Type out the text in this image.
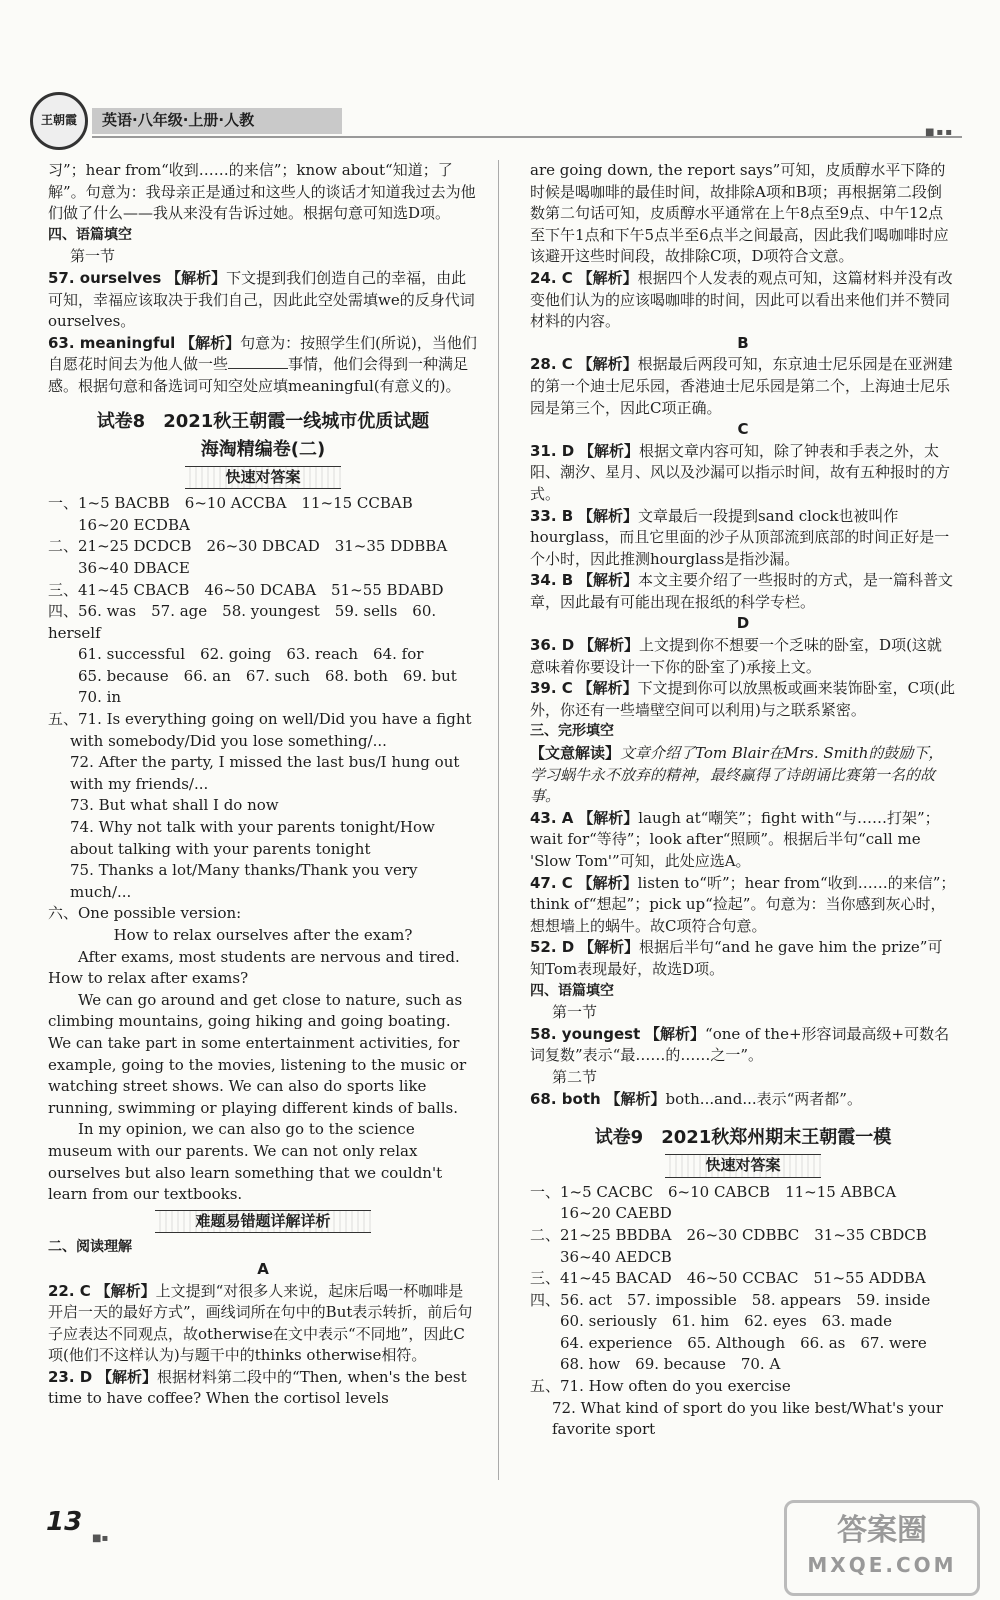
王朝霞	英语·八年级·上册·人教
■▪▪

习”；hear from“收到……的来信”；know about“知道；了解”。句意为：我母亲正是通过和这些人的谈话才知道我过去为他们做了什么——我从来没有告诉过她。根据句意可知选D项。

四、语篇填空

第一节

57. ourselves 【解析】下文提到我们创造自己的幸福，由此可知，幸福应该取决于我们自己，因此此空处需填we的反身代词ourselves。

63. meaningful 【解析】句意为：按照学生们(所说)，当他们自愿花时间去为他人做一些	事情，他们会得到一种满足感。根据句意和备选词可知空处应填meaningful(有意义的)。

试卷8　2021秋王朝霞一线城市优质试题
海淘精编卷(二)
快速对答案

一、1~5 BACBB　6~10 ACCBA　11~15 CCBAB

　　16~20 ECDBA

二、21~25 DCDCB　26~30 DBCAD　31~35 DDBBA

　　36~40 DBACE

三、41~45 CBACB　46~50 DCABA　51~55 BDABD

四、56. was　57. age　58. youngest　59. sells　60. herself

　　61. successful　62. going　63. reach　64. for

　　65. because　66. an　67. such　68. both　69. but

　　70. in

五、71. Is everything going on well/Did you have a fight with somebody/Did you lose something/...

72. After the party, I missed the last bus/I hung out with my friends/...

73. But what shall I do now

74. Why not talk with your parents tonight/How about talking with your parents tonight

75. Thanks a lot/Many thanks/Thank you very much/...

六、One possible version:

How to relax ourselves after the exam?

After exams, most students are nervous and tired. How to relax after exams?

We can go around and get close to nature, such as climbing mountains, going hiking and going boating. We can take part in some entertainment activities, for example, going to the movies, listening to the music or watching street shows. We can also do sports like running, swimming or playing different kinds of balls.

In my opinion, we can also go to the science museum with our parents. We can not only relax ourselves but also learn something that we couldn't learn from our textbooks.

难题易错题详解详析

二、阅读理解

A

22. C 【解析】上文提到“对很多人来说，起床后喝一杯咖啡是开启一天的最好方式”，画线词所在句中的But表示转折，前后句子应表达不同观点，故otherwise在文中表示“不同地”，因此C项(他们不这样认为)与题干中的thinks otherwise相符。

23. D 【解析】根据材料第二段中的“Then, when's the best time to have coffee? When the cortisol levels

are going down, the report says”可知，皮质醇水平下降的时候是喝咖啡的最佳时间，故排除A项和B项；再根据第二段倒数第二句话可知，皮质醇水平通常在上午8点至9点、中午12点至下午1点和下午5点半至6点半之间最高，因此我们喝咖啡时应该避开这些时间段，故排除C项，D项符合文意。

24. C 【解析】根据四个人发表的观点可知，这篇材料并没有改变他们认为的应该喝咖啡的时间，因此可以看出来他们并不赞同材料的内容。

B

28. C 【解析】根据最后两段可知，东京迪士尼乐园是在亚洲建的第一个迪士尼乐园，香港迪士尼乐园是第二个，上海迪士尼乐园是第三个，因此C项正确。

C

31. D 【解析】根据文章内容可知，除了钟表和手表之外，太阳、潮汐、星月、风以及沙漏可以指示时间，故有五种报时的方式。

33. B 【解析】文章最后一段提到sand clock也被叫作hourglass，而且它里面的沙子从顶部流到底部的时间正好是一个小时，因此推测hourglass是指沙漏。

34. B 【解析】本文主要介绍了一些报时的方式，是一篇科普文章，因此最有可能出现在报纸的科学专栏。

D

36. D 【解析】上文提到你不想要一个乏味的卧室，D项(这就意味着你要设计一下你的卧室了)承接上文。

39. C 【解析】下文提到你可以放黑板或画来装饰卧室，C项(此外，你还有一些墙壁空间可以利用)与之联系紧密。

三、完形填空

【文意解读】文章介绍了Tom Blair在Mrs. Smith的鼓励下，学习蜗牛永不放弃的精神，最终赢得了诗朗诵比赛第一名的故事。

43. A 【解析】laugh at“嘲笑”；fight with“与……打架”；wait for“等待”；look after“照顾”。根据后半句“call me 'Slow Tom'”可知，此处应选A。

47. C 【解析】listen to“听”；hear from“收到……的来信”；think of“想起”；pick up“捡起”。句意为：当你感到灰心时，想想墙上的蜗牛。故C项符合句意。

52. D 【解析】根据后半句“and he gave him the prize”可知Tom表现最好，故选D项。

四、语篇填空

第一节

58. youngest 【解析】“one of the+形容词最高级+可数名词复数”表示“最……的……之一”。

第二节

68. both 【解析】both...and...表示“两者都”。

试卷9　2021秋郑州期末王朝霞一模
快速对答案

一、1~5 CACBC　6~10 CABCB　11~15 ABBCA

　　16~20 CAEBD

二、21~25 BBDBA　26~30 CDBBC　31~35 CBDCB

　　36~40 AEDCB

三、41~45 BACAD　46~50 CCBAC　51~55 ADDBA

四、56. act　57. impossible　58. appears　59. inside

　　60. seriously　61. him　62. eyes　63. made

　　64. experience　65. Although　66. as　67. were

　　68. how　69. because　70. A

五、71. How often do you exercise

72. What kind of sport do you like best/What's your favorite sport

13
■▪	答案圈
MXQE.COM
